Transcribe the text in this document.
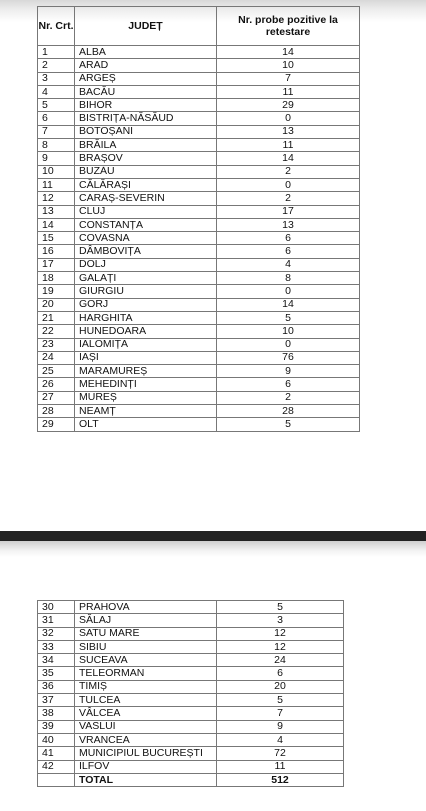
Nr. Crt.	JUDEȚ	Nr. probe pozitive la retestare
1	ALBA	14
2	ARAD	10
3	ARGEȘ	7
4	BACĂU	11
5	BIHOR	29
6	BISTRIȚA-NĂSĂUD	0
7	BOTOȘANI	13
8	BRĂILA	11
9	BRAȘOV	14
10	BUZĂU	2
11	CĂLĂRAȘI	0
12	CARAȘ-SEVERIN	2
13	CLUJ	17
14	CONSTANȚA	13
15	COVASNA	6
16	DÂMBOVIȚA	6
17	DOLJ	4
18	GALAȚI	8
19	GIURGIU	0
20	GORJ	14
21	HARGHITA	5
22	HUNEDOARA	10
23	IALOMIȚA	0
24	IAȘI	76
25	MARAMUREȘ	9
26	MEHEDINȚI	6
27	MUREȘ	2
28	NEAMȚ	28
29	OLT	5
30	PRAHOVA	5
31	SĂLAJ	3
32	SATU MARE	12
33	SIBIU	12
34	SUCEAVA	24
35	TELEORMAN	6
36	TIMIȘ	20
37	TULCEA	5
38	VÂLCEA	7
39	VASLUI	9
40	VRANCEA	4
41	MUNICIPIUL BUCUREȘTI	72
42	ILFOV	11
	TOTAL	512
